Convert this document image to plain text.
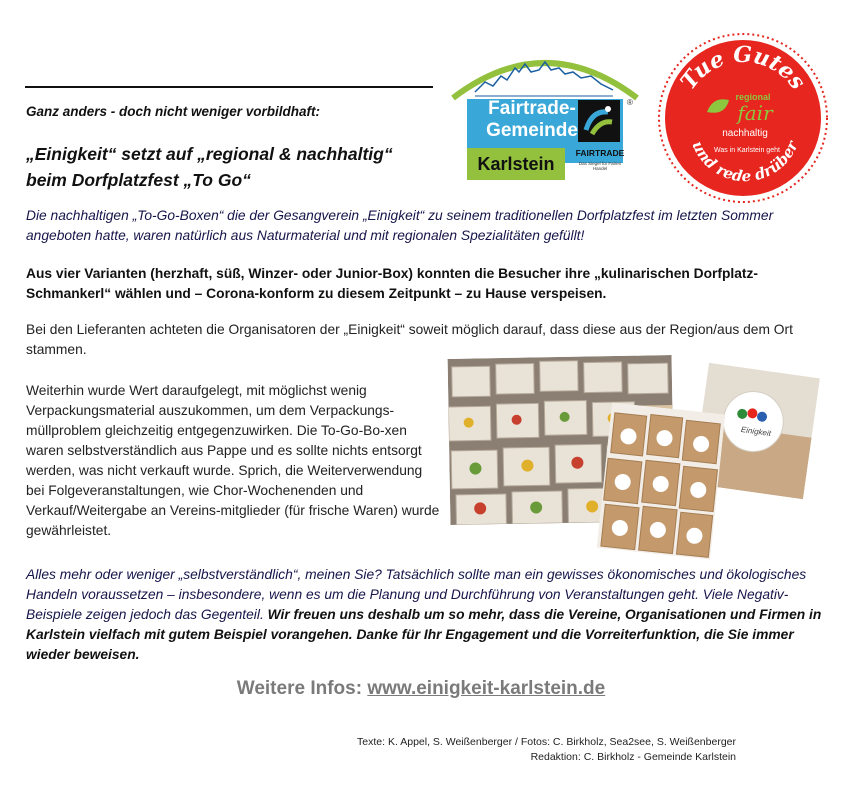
Ganz anders - doch nicht weniger vorbildhaft:
„Einigkeit“ setzt auf „regional & nachhaltig“
beim Dorfplatzfest „To Go“
Fairtrade-
Gemeinde
Karlstein
FAIRTRADE
Das Siegel für Fairen Handel
®
Tue Gutes
und rede drüber
regional
fair
nachhaltig
Was in Karlstein geht
Die nachhaltigen „To-Go-Boxen“ die der Gesangverein „Einigkeit“ zu seinem traditionellen Dorfplatzfest im letzten Sommer angeboten hatte, waren natürlich aus Naturmaterial und mit regionalen Spezialitäten gefüllt!
Aus vier Varianten (herzhaft, süß, Winzer- oder Junior-Box) konnten die Besucher ihre „kulinarischen Dorfplatz-Schmankerl“ wählen und – Corona-konform zu diesem Zeitpunkt – zu Hause verspeisen.
Bei den Lieferanten achteten die Organisatoren der „Einigkeit“ soweit möglich darauf, dass diese aus der Region/aus dem Ort stammen.
Weiterhin wurde Wert daraufgelegt, mit möglichst wenig Verpackungsmaterial auszukommen, um dem Verpackungs-müllproblem gleichzeitig entgegenzuwirken. Die To-Go-Bo-xen waren selbstverständlich aus Pappe und es sollte nichts entsorgt werden, was nicht verkauft wurde. Sprich, die Weiterverwendung bei Folgeveranstaltungen, wie Chor-Wochenenden und Verkauf/Weitergabe an Vereins-mitglieder (für frische Waren) wurde gewährleistet.
Einigkeit
Alles mehr oder weniger „selbstverständlich“, meinen Sie? Tatsächlich sollte man ein gewisses ökonomisches und ökologisches Handeln voraussetzen – insbesondere, wenn es um die Planung und Durchführung von Veranstaltungen geht. Viele Negativ-Beispiele zeigen jedoch das Gegenteil. Wir freuen uns deshalb um so mehr, dass die Vereine, Organisationen und Firmen in Karlstein vielfach mit gutem Beispiel vorangehen. Danke für Ihr Engagement und die Vorreiterfunktion, die Sie immer wieder beweisen.
Weitere Infos: www.einigkeit-karlstein.de
Texte: K. Appel, S. Weißenberger / Fotos: C. Birkholz, Sea2see, S. Weißenberger
Redaktion: C. Birkholz - Gemeinde Karlstein
